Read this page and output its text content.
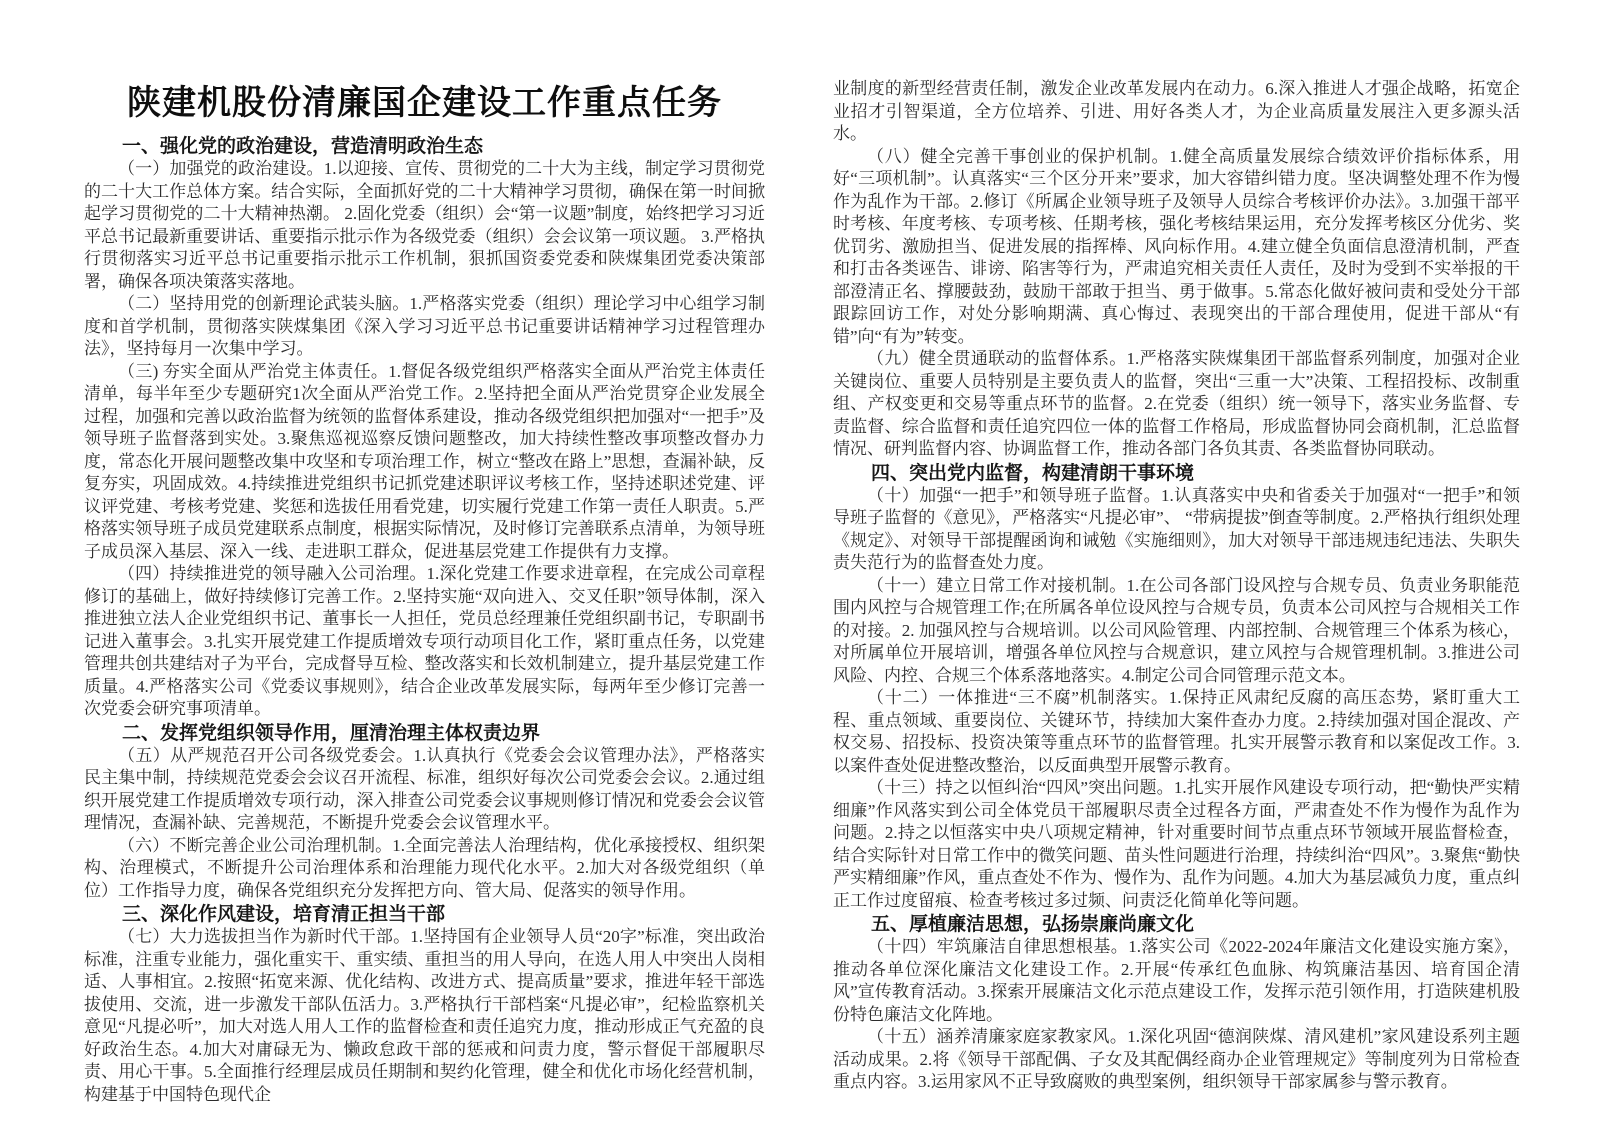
陕建机股份清廉国企建设工作重点任务
一、强化党的政治建设，营造清明政治生态

（一）加强党的政治建设。1.以迎接、宣传、贯彻党的二十大为主线，制定学习贯彻党的二十大工作总体方案。结合实际，全面抓好党的二十大精神学习贯彻，确保在第一时间掀起学习贯彻党的二十大精神热潮。 2.固化党委（组织）会“第一议题”制度，始终把学习习近平总书记最新重要讲话、重要指示批示作为各级党委（组织）会会议第一项议题。 3.严格执行贯彻落实习近平总书记重要指示批示工作机制，狠抓国资委党委和陕煤集团党委决策部署，确保各项决策落实落地。

（二）坚持用党的创新理论武装头脑。1.严格落实党委（组织）理论学习中心组学习制度和首学机制，贯彻落实陕煤集团《深入学习习近平总书记重要讲话精神学习过程管理办法》，坚持每月一次集中学习。

（三) 夯实全面从严治党主体责任。1.督促各级党组织严格落实全面从严治党主体责任清单，每半年至少专题研究1次全面从严治党工作。2.坚持把全面从严治党贯穿企业发展全过程，加强和完善以政治监督为统领的监督体系建设，推动各级党组织把加强对“一把手”及领导班子监督落到实处。3.聚焦巡视巡察反馈问题整改，加大持续性整改事项整改督办力度，常态化开展问题整改集中攻坚和专项治理工作，树立“整改在路上”思想，查漏补缺，反复夯实，巩固成效。4.持续推进党组织书记抓党建述职评议考核工作，坚持述职述党建、评议评党建、考核考党建、奖惩和选拔任用看党建，切实履行党建工作第一责任人职责。5.严格落实领导班子成员党建联系点制度，根据实际情况，及时修订完善联系点清单，为领导班子成员深入基层、深入一线、走进职工群众，促进基层党建工作提供有力支撑。

（四）持续推进党的领导融入公司治理。1.深化党建工作要求进章程，在完成公司章程修订的基础上，做好持续修订完善工作。2.坚持实施“双向进入、交叉任职”领导体制，深入推进独立法人企业党组织书记、董事长一人担任，党员总经理兼任党组织副书记，专职副书记进入董事会。3.扎实开展党建工作提质增效专项行动项目化工作，紧盯重点任务，以党建管理共创共建结对子为平台，完成督导互检、整改落实和长效机制建立，提升基层党建工作质量。4.严格落实公司《党委议事规则》，结合企业改革发展实际，每两年至少修订完善一次党委会研究事项清单。

二、发挥党组织领导作用，厘清治理主体权责边界

（五）从严规范召开公司各级党委会。1.认真执行《党委会会议管理办法》，严格落实民主集中制，持续规范党委会会议召开流程、标准，组织好每次公司党委会会议。2.通过组织开展党建工作提质增效专项行动，深入排查公司党委会议事规则修订情况和党委会会议管理情况，查漏补缺、完善规范，不断提升党委会会议管理水平。

（六）不断完善企业公司治理机制。1.全面完善法人治理结构，优化承接授权、组织架构、治理模式，不断提升公司治理体系和治理能力现代化水平。2.加大对各级党组织（单位）工作指导力度，确保各党组织充分发挥把方向、管大局、促落实的领导作用。

三、深化作风建设，培育清正担当干部

（七）大力选拔担当作为新时代干部。1.坚持国有企业领导人员“20字”标准，突出政治标准，注重专业能力，强化重实干、重实绩、重担当的用人导向，在选人用人中突出人岗相适、人事相宜。2.按照“拓宽来源、优化结构、改进方式、提高质量”要求，推进年轻干部选拔使用、交流，进一步激发干部队伍活力。3.严格执行干部档案“凡提必审”，纪检监察机关意见“凡提必听”，加大对选人用人工作的监督检查和责任追究力度，推动形成正气充盈的良好政治生态。4.加大对庸碌无为、懒政怠政干部的惩戒和问责力度，警示督促干部履职尽责、用心干事。5.全面推行经理层成员任期制和契约化管理，健全和优化市场化经营机制，构建基于中国特色现代企

业制度的新型经营责任制，激发企业改革发展内在动力。6.深入推进人才强企战略，拓宽企业招才引智渠道，全方位培养、引进、用好各类人才，为企业高质量发展注入更多源头活水。

（八）健全完善干事创业的保护机制。1.健全高质量发展综合绩效评价指标体系，用好“三项机制”。认真落实“三个区分开来”要求，加大容错纠错力度。坚决调整处理不作为慢作为乱作为干部。2.修订《所属企业领导班子及领导人员综合考核评价办法》。3.加强干部平时考核、年度考核、专项考核、任期考核，强化考核结果运用，充分发挥考核区分优劣、奖优罚劣、激励担当、促进发展的指挥棒、风向标作用。4.建立健全负面信息澄清机制，严查和打击各类诬告、诽谤、陷害等行为，严肃追究相关责任人责任，及时为受到不实举报的干部澄清正名、撑腰鼓劲，鼓励干部敢于担当、勇于做事。5.常态化做好被问责和受处分干部跟踪回访工作，对处分影响期满、真心悔过、表现突出的干部合理使用，促进干部从“有错”向“有为”转变。

（九）健全贯通联动的监督体系。1.严格落实陕煤集团干部监督系列制度，加强对企业关键岗位、重要人员特别是主要负责人的监督，突出“三重一大”决策、工程招投标、改制重组、产权变更和交易等重点环节的监督。2.在党委（组织）统一领导下，落实业务监督、专责监督、综合监督和责任追究四位一体的监督工作格局，形成监督协同会商机制，汇总监督情况、研判监督内容、协调监督工作，推动各部门各负其责、各类监督协同联动。

四、突出党内监督，构建清朗干事环境

（十）加强“一把手”和领导班子监督。1.认真落实中央和省委关于加强对“一把手”和领导班子监督的《意见》，严格落实“凡提必审”、 “带病提拔”倒查等制度。2.严格执行组织处理《规定》、对领导干部提醒函询和诫勉《实施细则》，加大对领导干部违规违纪违法、失职失责失范行为的监督查处力度。

（十一）建立日常工作对接机制。1.在公司各部门设风控与合规专员、负责业务职能范围内风控与合规管理工作;在所属各单位设风控与合规专员，负责本公司风控与合规相关工作的对接。2. 加强风控与合规培训。以公司风险管理、内部控制、合规管理三个体系为核心，对所属单位开展培训，增强各单位风控与合规意识，建立风控与合规管理机制。3.推进公司风险、内控、合规三个体系落地落实。4.制定公司合同管理示范文本。

（十二）一体推进“三不腐”机制落实。1.保持正风肃纪反腐的高压态势，紧盯重大工程、重点领域、重要岗位、关键环节，持续加大案件查办力度。2.持续加强对国企混改、产权交易、招投标、投资决策等重点环节的监督管理。扎实开展警示教育和以案促改工作。3.以案件查处促进整改整治，以反面典型开展警示教育。

（十三）持之以恒纠治“四风”突出问题。1.扎实开展作风建设专项行动，把“勤快严实精细廉”作风落实到公司全体党员干部履职尽责全过程各方面，严肃查处不作为慢作为乱作为问题。2.持之以恒落实中央八项规定精神，针对重要时间节点重点环节领域开展监督检查，结合实际针对日常工作中的微笑问题、苗头性问题进行治理，持续纠治“四风”。3.聚焦“勤快严实精细廉”作风，重点查处不作为、慢作为、乱作为问题。4.加大为基层减负力度，重点纠正工作过度留痕、检查考核过多过频、问责泛化简单化等问题。

五、厚植廉洁思想，弘扬崇廉尚廉文化

（十四）牢筑廉洁自律思想根基。1.落实公司《2022-2024年廉洁文化建设实施方案》，推动各单位深化廉洁文化建设工作。2.开展“传承红色血脉、构筑廉洁基因、培育国企清风”宣传教育活动。3.探索开展廉洁文化示范点建设工作，发挥示范引领作用，打造陕建机股份特色廉洁文化阵地。

（十五）涵养清廉家庭家教家风。1.深化巩固“德润陕煤、清风建机”家风建设系列主题活动成果。2.将《领导干部配偶、子女及其配偶经商办企业管理规定》等制度列为日常检查重点内容。3.运用家风不正导致腐败的典型案例，组织领导干部家属参与警示教育。
